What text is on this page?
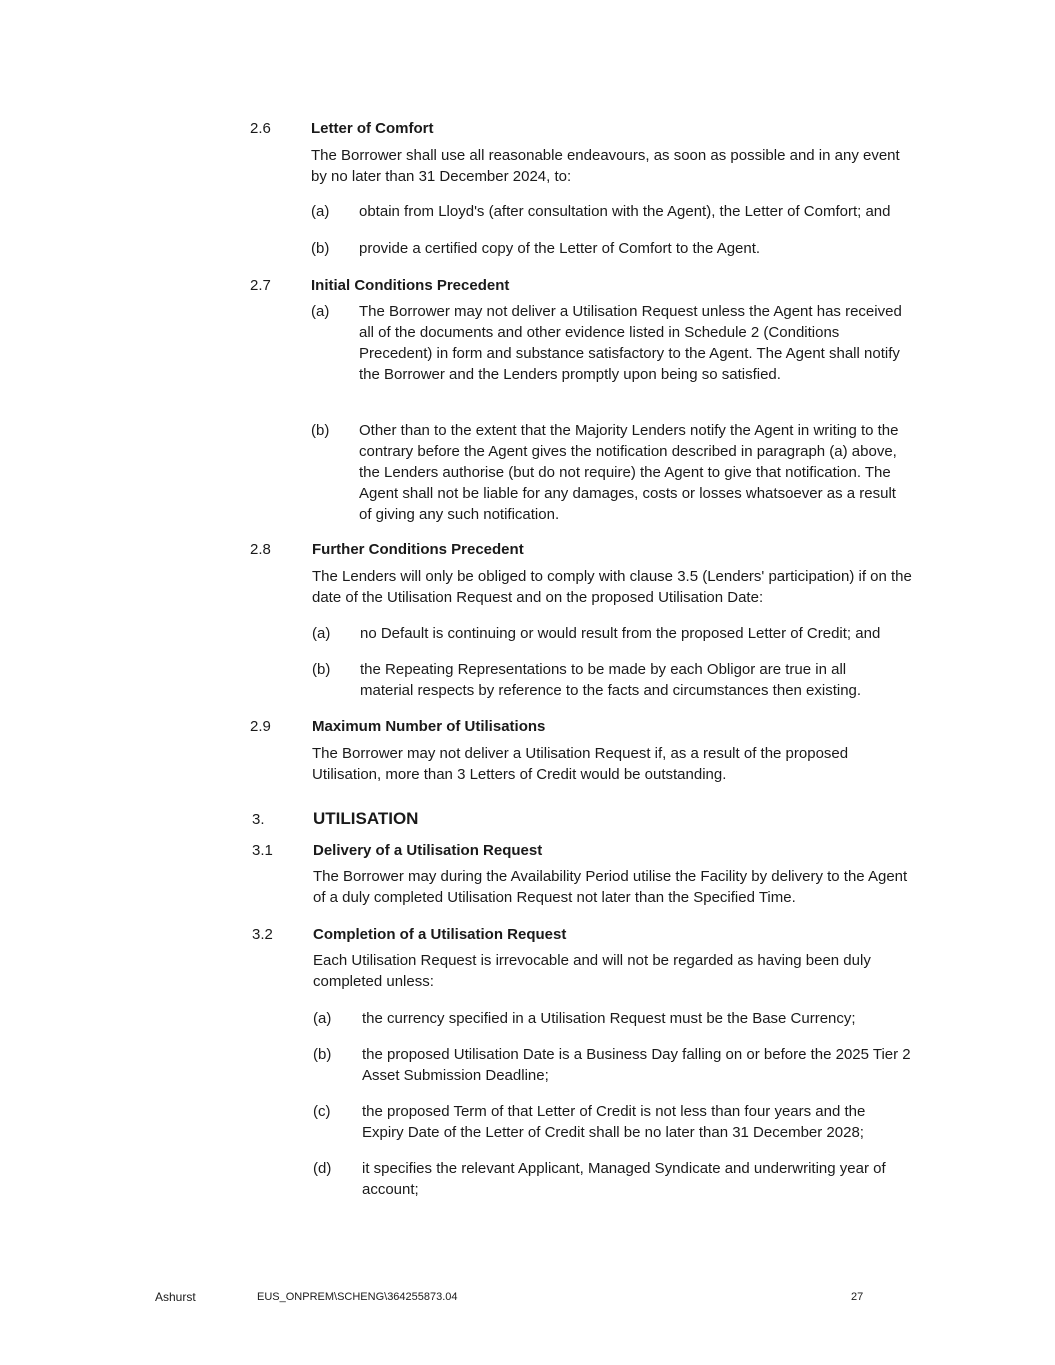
2.6	Letter of Comfort
The Borrower shall use all reasonable endeavours, as soon as possible and in any event by no later than 31 December 2024, to:
(a) obtain from Lloyd's (after consultation with the Agent), the Letter of Comfort; and
(b) provide a certified copy of the Letter of Comfort to the Agent.
2.7	Initial Conditions Precedent
(a) The Borrower may not deliver a Utilisation Request unless the Agent has received all of the documents and other evidence listed in Schedule 2 (Conditions Precedent) in form and substance satisfactory to the Agent. The Agent shall notify the Borrower and the Lenders promptly upon being so satisfied.
(b) Other than to the extent that the Majority Lenders notify the Agent in writing to the contrary before the Agent gives the notification described in paragraph (a) above, the Lenders authorise (but do not require) the Agent to give that notification. The Agent shall not be liable for any damages, costs or losses whatsoever as a result of giving any such notification.
2.8	Further Conditions Precedent
The Lenders will only be obliged to comply with clause 3.5 (Lenders' participation) if on the date of the Utilisation Request and on the proposed Utilisation Date:
(a) no Default is continuing or would result from the proposed Letter of Credit; and
(b) the Repeating Representations to be made by each Obligor are true in all material respects by reference to the facts and circumstances then existing.
2.9	Maximum Number of Utilisations
The Borrower may not deliver a Utilisation Request if, as a result of the proposed Utilisation, more than 3 Letters of Credit would be outstanding.
3.	UTILISATION
3.1	Delivery of a Utilisation Request
The Borrower may during the Availability Period utilise the Facility by delivery to the Agent of a duly completed Utilisation Request not later than the Specified Time.
3.2	Completion of a Utilisation Request
Each Utilisation Request is irrevocable and will not be regarded as having been duly completed unless:
(a) the currency specified in a Utilisation Request must be the Base Currency;
(b) the proposed Utilisation Date is a Business Day falling on or before the 2025 Tier 2 Asset Submission Deadline;
(c) the proposed Term of that Letter of Credit is not less than four years and the Expiry Date of the Letter of Credit shall be no later than 31 December 2028;
(d) it specifies the relevant Applicant, Managed Syndicate and underwriting year of account;
Ashurst	EUS_ONPREM\SCHENG\364255873.04	27
